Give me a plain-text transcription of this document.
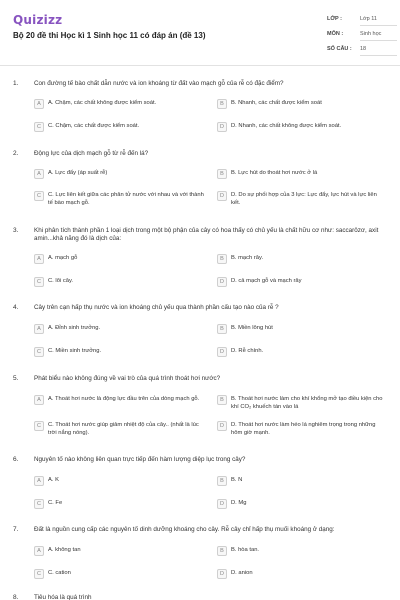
Quizizz
Bộ 20 đề thi Học kì 1 Sinh học 11 có đáp án (đề 13)
LỚP :	Lớp 11
MÔN :	Sinh học
SỐ CÂU : 18
1. Con đường tế bào chất dẫn nước và ion khoáng từ đất vào mạch gỗ của rễ có đặc điểm?
A	A. Chậm, các chất không được kiểm soát.	B	B. Nhanh, các chất được kiểm soát
C	C. Chậm, các chất được kiểm soát.	D	D. Nhanh, các chất không được kiểm soát.
2. Động lực của dịch mạch gỗ từ rễ đến lá?
A	A. Lực đẩy (áp suất rễ)	B	B. Lực hút do thoát hơi nước ở lá
C	C. Lực liên kết giữa các phân tử nước với nhau và với thành tế bào mạch gỗ.
D	D. Do sự phối hợp của 3 lực: Lực đẩy, lực hút và lực liên kết.
3. Khi phân tích thành phần 1 loại dịch trong một bộ phận của cây có hoa thấy có chủ yếu là chất hữu cơ như: saccarôzơ, axit amin...khả năng đó là dịch của:
A	A. mạch gỗ	B	B. mạch rây.
C	C. lõi cây.	D	D. cả mạch gỗ và mạch rây
4. Cây trên cạn hấp thụ nước và ion khoáng chủ yếu qua thành phần cấu tạo nào của rễ ?
A	A. Đỉnh sinh trưởng.	B	B. Miền lông hút
C	C. Miền sinh trưởng.	D	D. Rễ chính.
5. Phát biểu nào không đúng về vai trò của quá trình thoát hơi nước?
A	A. Thoát hơi nước là động lực đầu trên của dòng mạch gỗ.	B	B. Thoát hơi nước làm cho khí khổng mở tạo điều kiện cho khí CO₂ khuếch tán vào lá
C	C. Thoát hơi nước giúp giảm nhiệt độ của cây.. (nhất là lúc trời nắng nóng).
D	D. Thoát hơi nước làm héo lá nghiêm trọng trong những hôm giờ mạnh.
6. Nguyên tố nào không liên quan trực tiếp đến hàm lượng diệp lục trong cây?
A	A. K	B	B. N
C	C. Fe	D	D. Mg
7. Đất là nguồn cung cấp các nguyên tố dinh dưỡng khoáng cho cây. Rễ cây chỉ hấp thụ muối khoáng ở dạng:
A	A. không tan	B	B. hòa tan.
C	C. cation	D	D. anion
8. Tiêu hóa là quá trình
